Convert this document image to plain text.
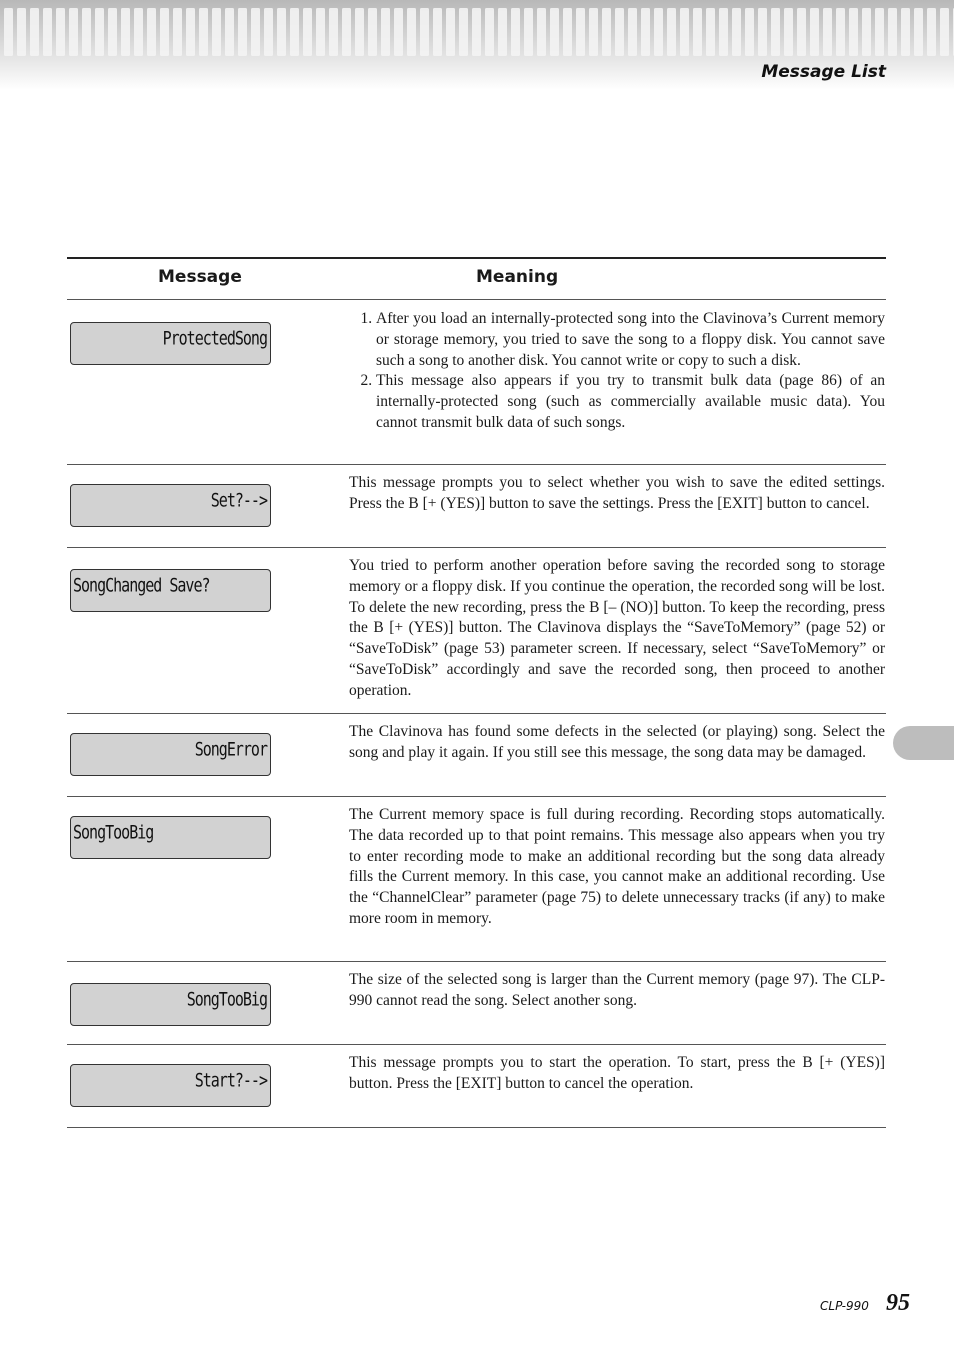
Message List
Message	Meaning
ProtectedSong
1. After you load an internally-protected song into the Clavinova’s Current memory or storage memory, you tried to save the song to a floppy disk. You cannot save such a song to another disk. You cannot write or copy to such a disk.
2. This message also appears if you try to transmit bulk data (page 86) of an internally-protected song (such as commercially available music data). You cannot transmit bulk data of such songs.
Set?-->

This message prompts you to select whether you wish to save the edited settings. Press the B [+ (YES)] button to save the settings. Press the [EXIT] button to cancel.

SongChanged Save?

You tried to perform another operation before saving the recorded song to storage memory or a floppy disk. If you continue the operation, the recorded song will be lost. To delete the new recording, press the B [– (NO)] button. To keep the recording, press the B [+ (YES)] button. The Clavinova displays the “SaveToMemory” (page 52) or “SaveToDisk” (page 53) parameter screen. If necessary, select “SaveToMemory” or “SaveToDisk” accordingly and save the recorded song, then proceed to another operation.

SongError

The Clavinova has found some defects in the selected (or playing) song. Select the song and play it again. If you still see this message, the song data may be damaged.

SongTooBig

The Current memory space is full during recording. Recording stops automatically. The data recorded up to that point remains. This message also appears when you try to enter recording mode to make an additional recording but the song data already fills the Current memory. In this case, you cannot make an additional recording. Use the “ChannelClear” parameter (page 75) to delete unnecessary tracks (if any) to make more room in memory.

SongTooBig

The size of the selected song is larger than the Current memory (page 97). The CLP-990 cannot read the song. Select another song.

Start?-->

This message prompts you to start the operation. To start, press the B [+ (YES)] button. Press the [EXIT] button to cancel the operation.

CLP-990 95
